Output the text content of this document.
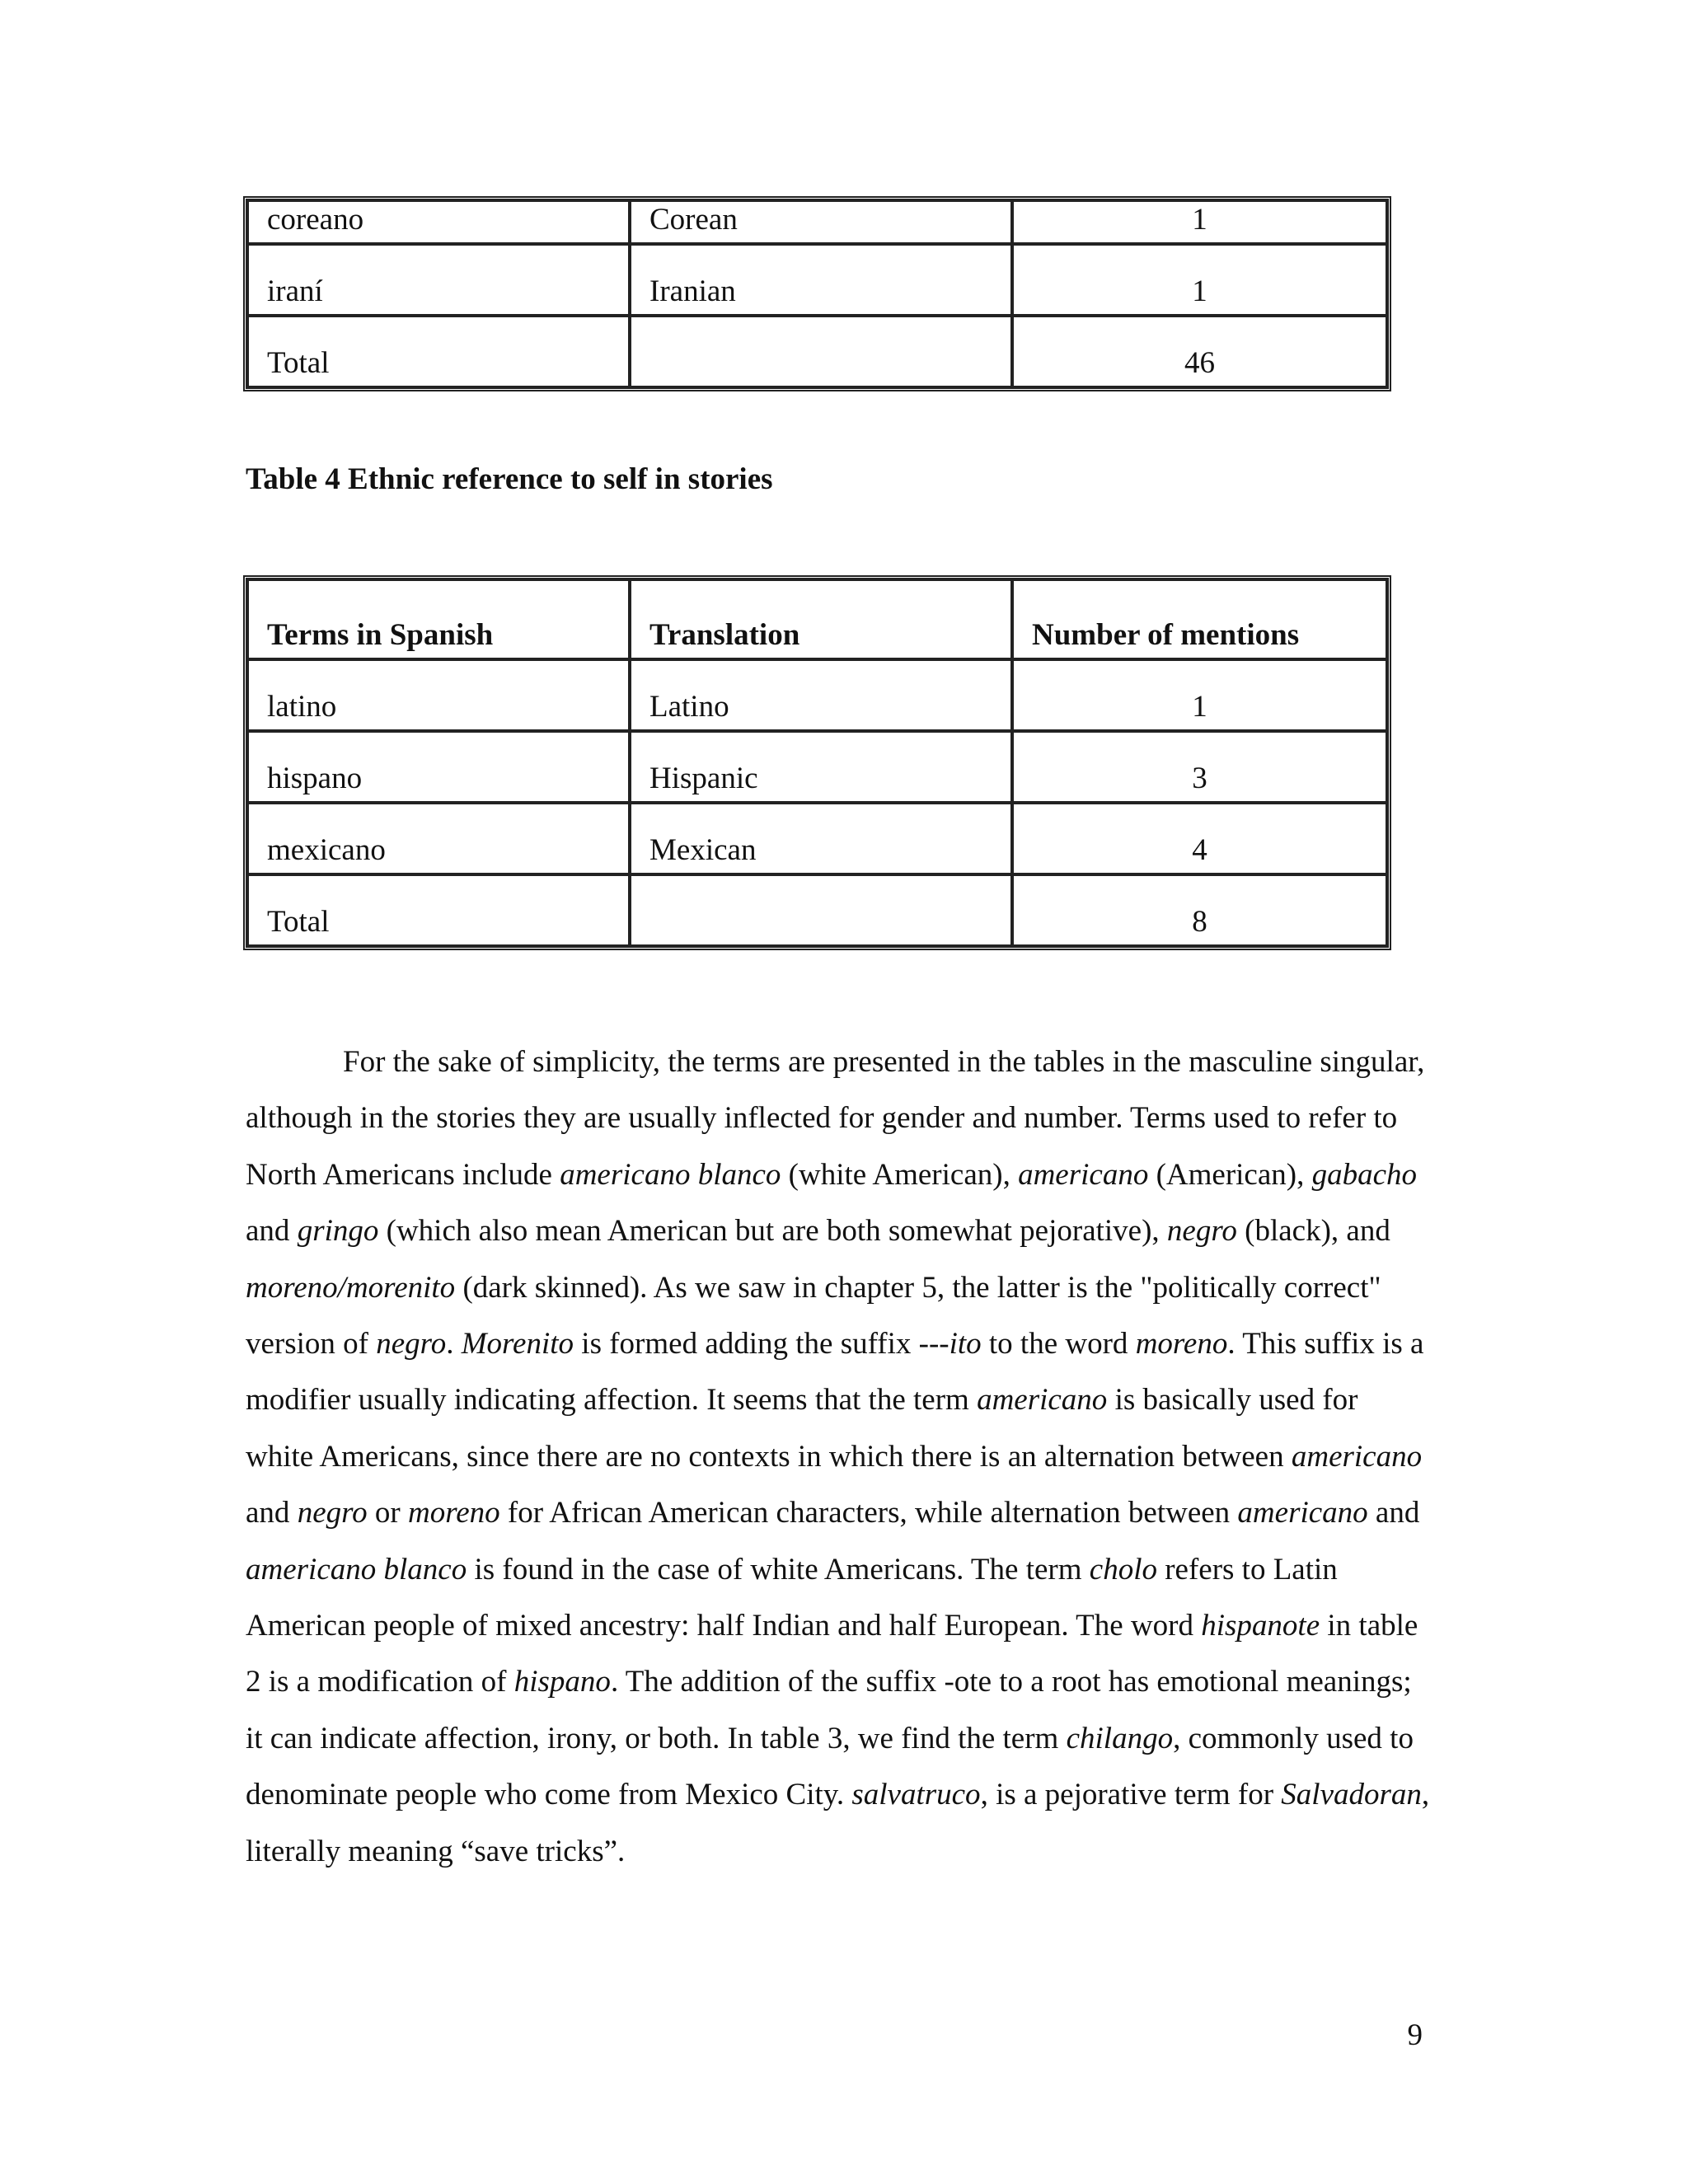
coreano	Corean	1
iraní	Iranian	1
Total		46
Table 4 Ethnic reference to self in stories
Terms in Spanish	Translation	Number of mentions
latino	Latino	1
hispano	Hispanic	3
mexicano	Mexican	4
Total		8

For the sake of simplicity, the terms are presented in the tables in the masculine singular, although in the stories they are usually inflected for gender and number. Terms used to refer to North Americans include americano blanco (white American), americano (American), gabacho and gringo (which also mean American but are both somewhat pejorative), negro (black), and moreno/morenito (dark skinned). As we saw in chapter 5, the latter is the "politically correct" version of negro. Morenito is formed adding the suffix ---ito to the word moreno. This suffix is a modifier usually indicating affection. It seems that the term americano is basically used for white Americans, since there are no contexts in which there is an alternation between americano and negro or moreno for African American characters, while alternation between americano and americano blanco is found in the case of white Americans. The term cholo refers to Latin American people of mixed ancestry: half Indian and half European. The word hispanote in table 2 is a modification of hispano. The addition of the suffix -ote to a root has emotional meanings; it can indicate affection, irony, or both. In table 3, we find the term chilango, commonly used to denominate people who come from Mexico City. salvatruco, is a pejorative term for Salvadoran, literally meaning “save tricks”.

9
